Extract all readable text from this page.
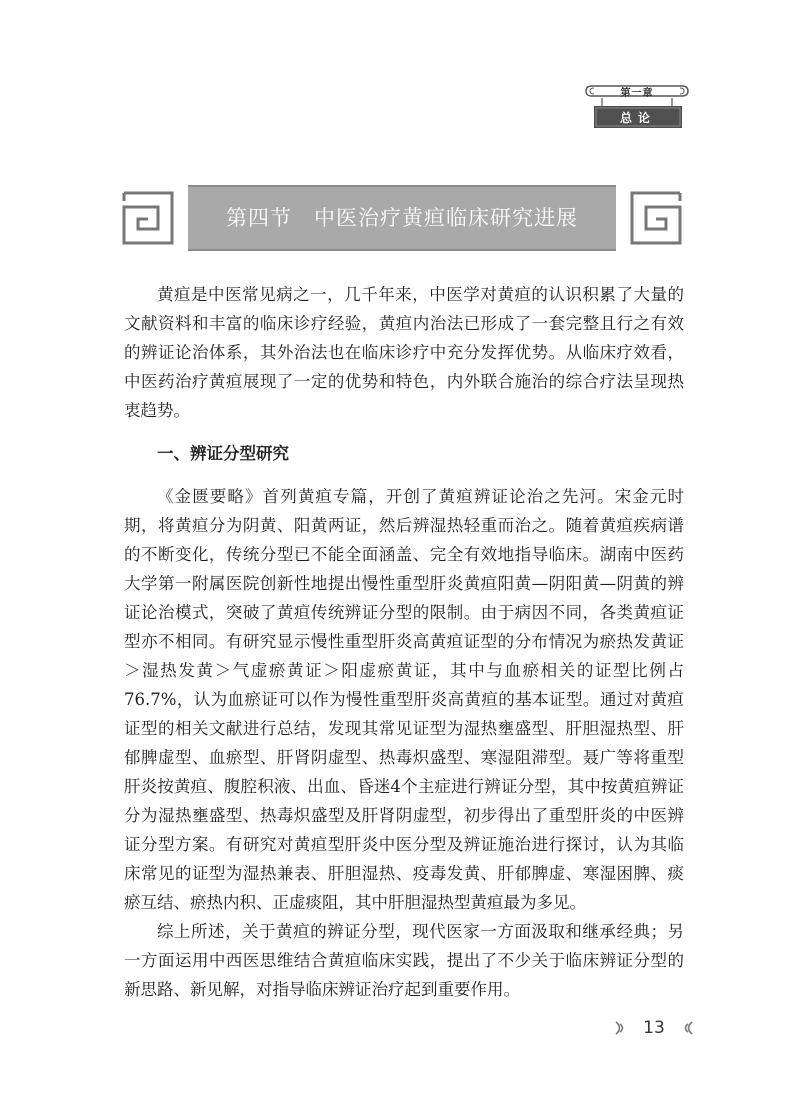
第一章
总论
第四节　中医治疗黄疸临床研究进展

黄疸是中医常见病之一，几千年来，中医学对黄疸的认识积累了大量的文献资料和丰富的临床诊疗经验，黄疸内治法已形成了一套完整且行之有效的辨证论治体系，其外治法也在临床诊疗中充分发挥优势。从临床疗效看，中医药治疗黄疸展现了一定的优势和特色，内外联合施治的综合疗法呈现热衷趋势。

一、辨证分型研究

《金匮要略》首列黄疸专篇，开创了黄疸辨证论治之先河。宋金元时期，将黄疸分为阴黄、阳黄两证，然后辨湿热轻重而治之。随着黄疸疾病谱的不断变化，传统分型已不能全面涵盖、完全有效地指导临床。湖南中医药大学第一附属医院创新性地提出慢性重型肝炎黄疸阳黄—阴阳黄—阴黄的辨证论治模式，突破了黄疸传统辨证分型的限制。由于病因不同，各类黄疸证型亦不相同。有研究显示慢性重型肝炎高黄疸证型的分布情况为瘀热发黄证＞湿热发黄＞气虚瘀黄证＞阳虚瘀黄证，其中与血瘀相关的证型比例占76.7%，认为血瘀证可以作为慢性重型肝炎高黄疸的基本证型。通过对黄疸证型的相关文献进行总结，发现其常见证型为湿热壅盛型、肝胆湿热型、肝郁脾虚型、血瘀型、肝肾阴虚型、热毒炽盛型、寒湿阻滞型。聂广等将重型肝炎按黄疸、腹腔积液、出血、昏迷4个主症进行辨证分型，其中按黄疸辨证分为湿热壅盛型、热毒炽盛型及肝肾阴虚型，初步得出了重型肝炎的中医辨证分型方案。有研究对黄疸型肝炎中医分型及辨证施治进行探讨，认为其临床常见的证型为湿热兼表、肝胆湿热、疫毒发黄、肝郁脾虚、寒湿困脾、痰瘀互结、瘀热内积、正虚痰阻，其中肝胆湿热型黄疸最为多见。

综上所述，关于黄疸的辨证分型，现代医家一方面汲取和继承经典；另一方面运用中西医思维结合黄疸临床实践，提出了不少关于临床辨证分型的新思路、新见解，对指导临床辨证治疗起到重要作用。

13
